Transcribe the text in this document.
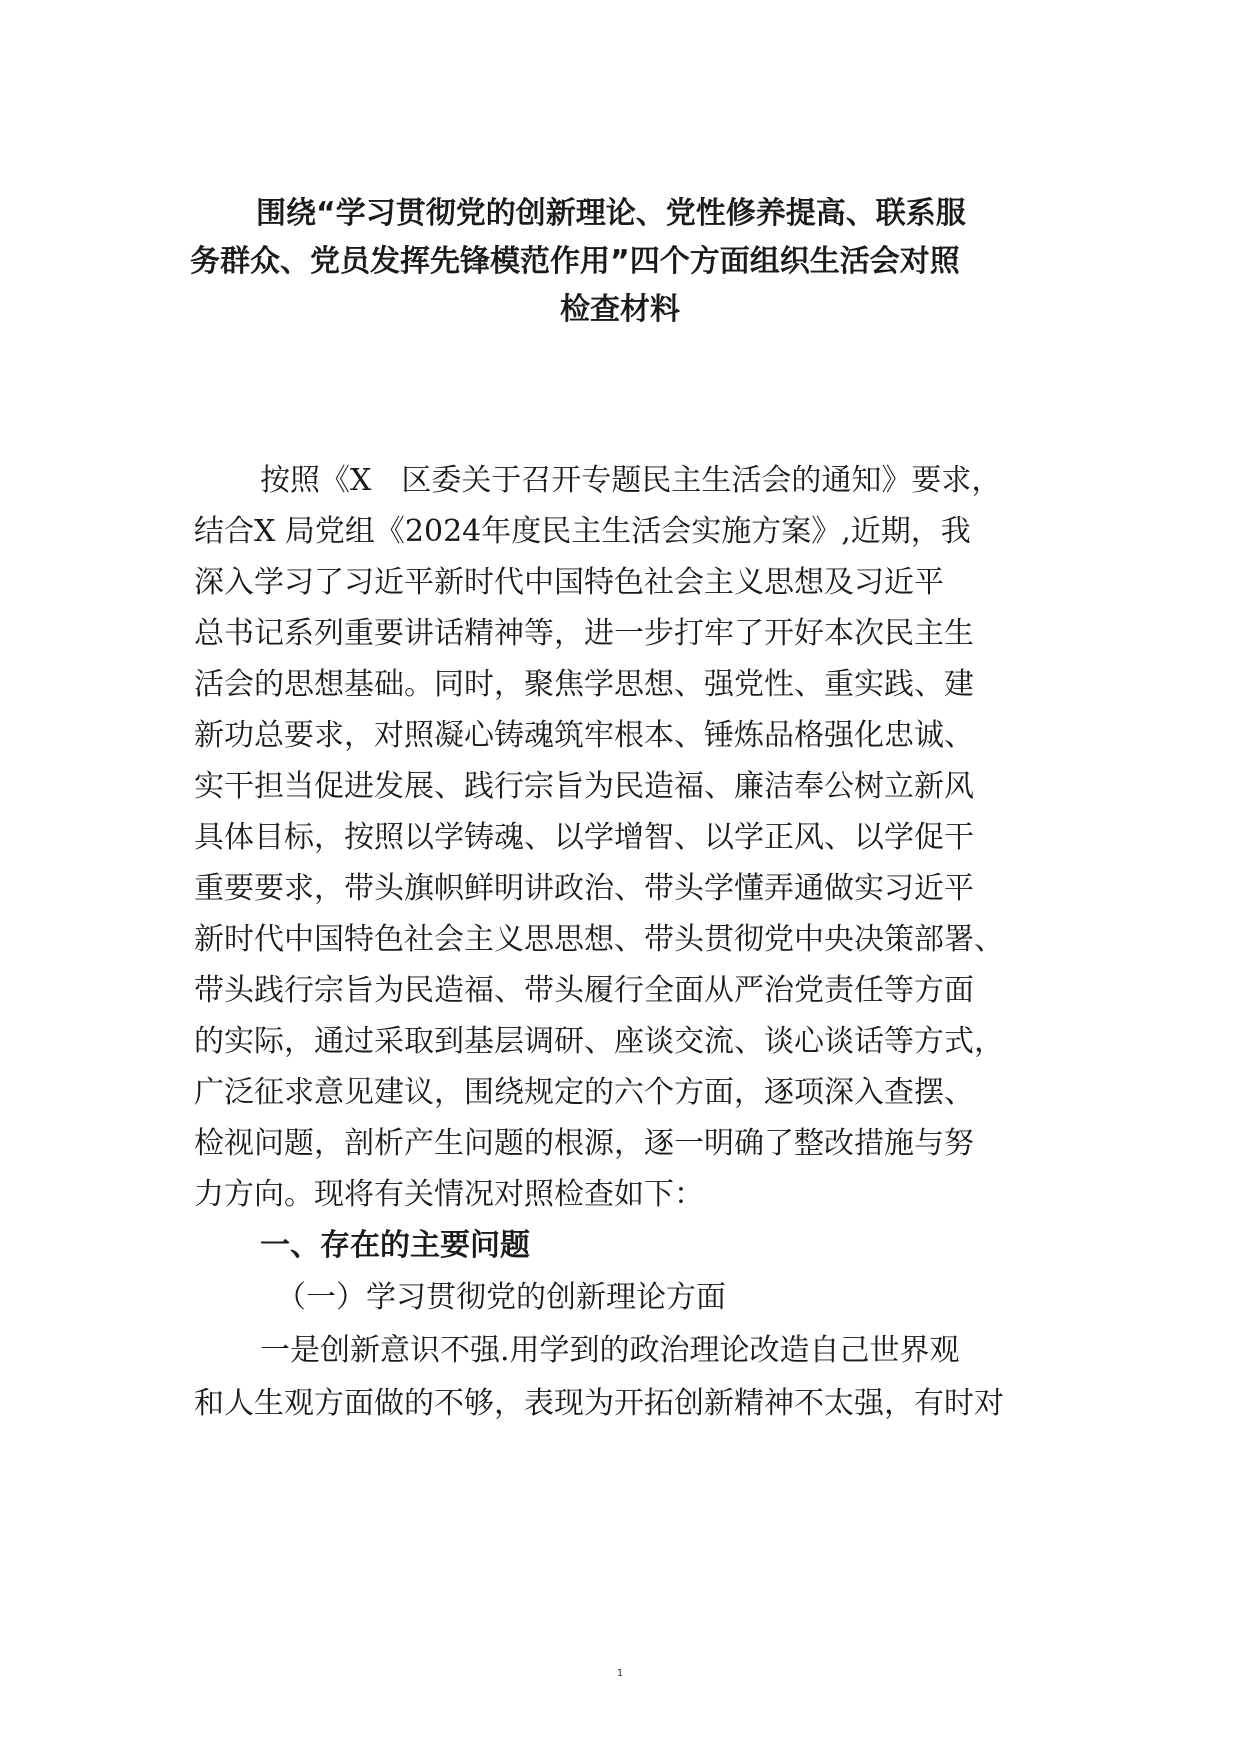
围绕“学习贯彻党的创新理论、党性修养提高、联系服
务群众、党员发挥先锋模范作用”四个方面组织生活会对照
检查材料
按照《X　区委关于召开专题民主生活会的通知》要求，
结合X 局党组《2024年度民主生活会实施方案》,近期，我
深入学习了习近平新时代中国特色社会主义思想及习近平
总书记系列重要讲话精神等，进一步打牢了开好本次民主生
活会的思想基础。同时，聚焦学思想、强党性、重实践、建
新功总要求，对照凝心铸魂筑牢根本、锤炼品格强化忠诚、
实干担当促进发展、践行宗旨为民造福、廉洁奉公树立新风
具体目标，按照以学铸魂、以学增智、以学正风、以学促干
重要要求，带头旗帜鲜明讲政治、带头学懂弄通做实习近平
新时代中国特色社会主义思思想、带头贯彻党中央决策部署、
带头践行宗旨为民造福、带头履行全面从严治党责任等方面
的实际，通过采取到基层调研、座谈交流、谈心谈话等方式，
广泛征求意见建议，围绕规定的六个方面，逐项深入查摆、
检视问题，剖析产生问题的根源，逐一明确了整改措施与努
力方向。现将有关情况对照检查如下：
一、存在的主要问题
（一）学习贯彻党的创新理论方面
一是创新意识不强.用学到的政治理论改造自己世界观
和人生观方面做的不够，表现为开拓创新精神不太强，有时对
1
